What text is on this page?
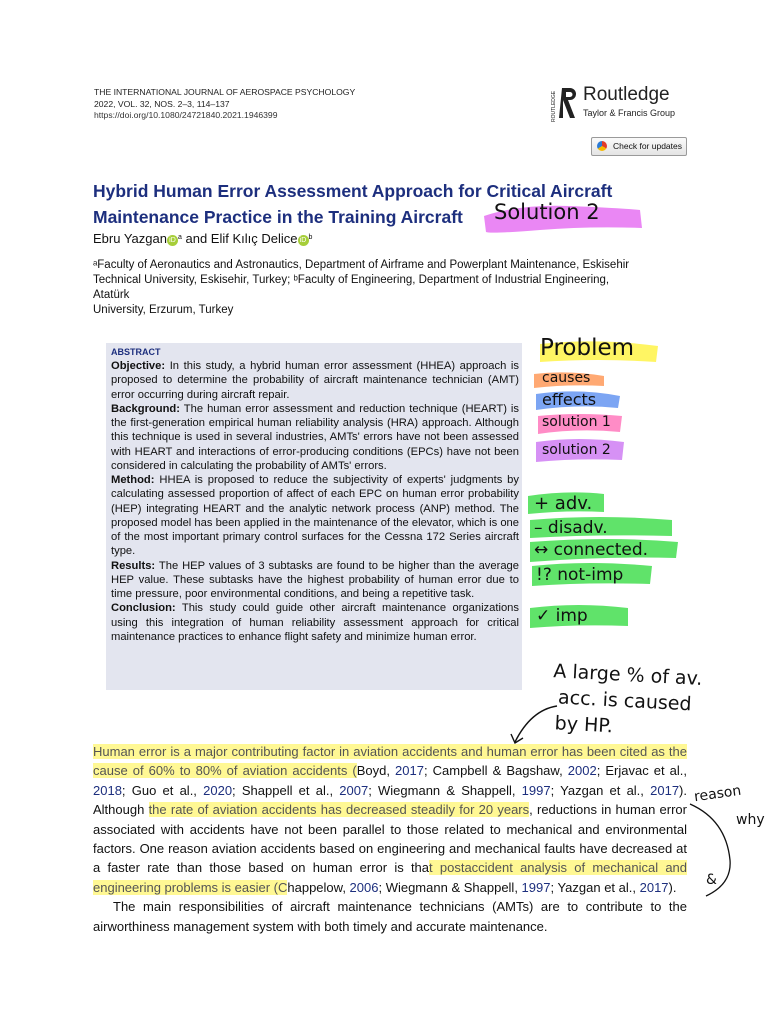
THE INTERNATIONAL JOURNAL OF AEROSPACE PSYCHOLOGY
2022, VOL. 32, NOS. 2–3, 114–137
https://doi.org/10.1080/24721840.2021.1946399	ROUTLEDGE Routledge
Taylor & Francis Group
Check for updates
Hybrid Human Error Assessment Approach for Critical Aircraft
Maintenance Practice in the Training Aircraft	Solution 2
Ebru Yazgan iD $^a$ and Elif Kılıç Delice iD $^b$
ᵃFaculty of Aeronautics and Astronautics, Department of Airframe and Powerplant Maintenance, Eskisehir
Technical University, Eskisehir, Turkey; ᵇFaculty of Engineering, Department of Industrial Engineering,
Atatürk
University, Erzurum, Turkey
ABSTRACT

Objective: In this study, a hybrid human error assessment (HHEA) approach is proposed to determine the probability of aircraft maintenance technician (AMT) error occurring during aircraft repair.

Background: The human error assessment and reduction technique (HEART) is the first-generation empirical human reliability analysis (HRA) approach. Although this technique is used in several industries, AMTs' errors have not been assessed with HEART and interactions of error-producing conditions (EPCs) have not been considered in calculating the probability of AMTs' errors.

Method: HHEA is proposed to reduce the subjectivity of experts' judgments by calculating assessed proportion of affect of each EPC on human error probability (HEP) integrating HEART and the analytic network process (ANP) method. The proposed model has been applied in the maintenance of the elevator, which is one of the most important primary control surfaces for the Cessna 172 Series aircraft type.

Results: The HEP values of 3 subtasks are found to be higher than the average HEP value. These subtasks have the highest probability of human error due to time pressure, poor environmental conditions, and being a repetitive task.

Conclusion: This study could guide other aircraft maintenance organizations using this integration of human reliability assessment approach for critical maintenance practices to enhance flight safety and minimize human error.

Problem
causes
effects
solution 1
solution 2
+ adv.
– disadv.
↔ connected.
!? not-imp
✓ imp
A large % of av.
acc. is caused
by HP.
reason
why
&

Human error is a major contributing factor in aviation accidents and human error has been cited as the cause of 60% to 80% of aviation accidents (Boyd, 2017; Campbell & Bagshaw, 2002; Erjavac et al., 2018; Guo et al., 2020; Shappell et al., 2007; Wiegmann & Shappell, 1997; Yazgan et al., 2017). Although the rate of aviation accidents has decreased steadily for 20 years, reductions in human error associated with accidents have not been parallel to those related to mechanical and environmental factors. One reason aviation accidents based on engineering and mechanical faults have decreased at a faster rate than those based on human error is that postaccident analysis of mechanical and engineering problems is easier (Chappelow, 2006; Wiegmann & Shappell, 1997; Yazgan et al., 2017).

The main responsibilities of aircraft maintenance technicians (AMTs) are to contribute to the airworthiness management system with both timely and accurate maintenance.
